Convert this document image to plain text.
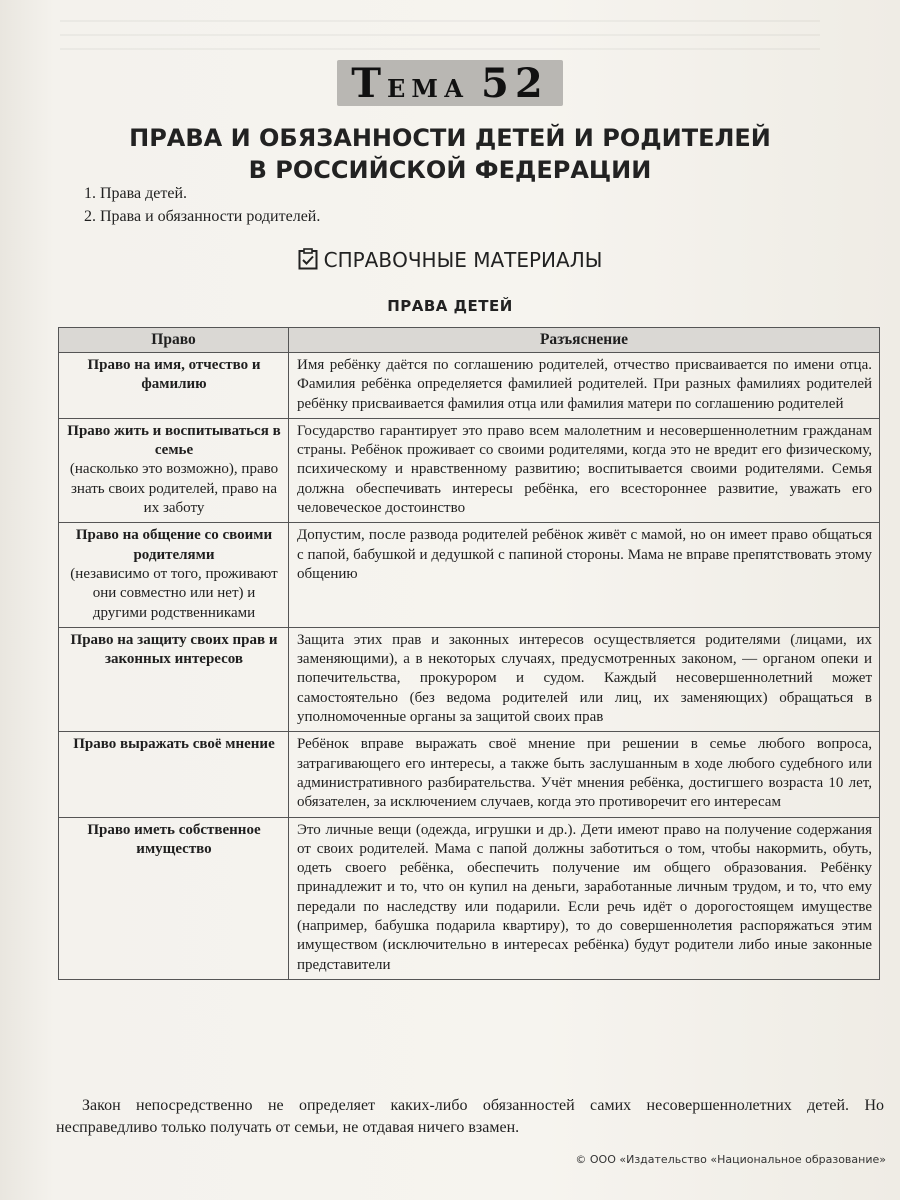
ТЕМА 52
ПРАВА И ОБЯЗАННОСТИ ДЕТЕЙ И РОДИТЕЛЕЙ
В РОССИЙСКОЙ ФЕДЕРАЦИИ
1. Права детей.
2. Права и обязанности родителей.
СПРАВОЧНЫЕ МАТЕРИАЛЫ
ПРАВА ДЕТЕЙ
Право	Разъяснение

Право на имя, отчество и фамилию	Имя ребёнку даётся по соглашению родителей, отчество присваивается по имени отца. Фамилия ребёнка определяется фамилией родителей. При разных фамилиях родителей ребёнку присваивается фамилия отца или фамилия матери по соглашению родителей

Право жить и воспитываться в семье
(насколько это возможно), право знать своих родителей, право на их заботу	Государство гарантирует это право всем малолетним и несовершеннолетним гражданам страны. Ребёнок проживает со своими родителями, когда это не вредит его физическому, психическому и нравственному развитию; воспитывается своими родителями. Семья должна обеспечивать интересы ребёнка, его всестороннее развитие, уважать его человеческое достоинство

Право на общение со своими родителями
(независимо от того, проживают они совместно или нет) и другими родственниками	Допустим, после развода родителей ребёнок живёт с мамой, но он имеет право общаться с папой, бабушкой и дедушкой с папиной стороны. Мама не вправе препятствовать этому общению

Право на защиту своих прав и законных интересов	Защита этих прав и законных интересов осуществляется родителями (лицами, их заменяющими), а в некоторых случаях, предусмотренных законом, — органом опеки и попечительства, прокурором и судом. Каждый несовершеннолетний может самостоятельно (без ведома родителей или лиц, их заменяющих) обращаться в уполномоченные органы за защитой своих прав

Право выражать своё мнение	Ребёнок вправе выражать своё мнение при решении в семье любого вопроса, затрагивающего его интересы, а также быть заслушанным в ходе любого судебного или административного разбирательства. Учёт мнения ребёнка, достигшего возраста 10 лет, обязателен, за исключением случаев, когда это противоречит его интересам

Право иметь собственное имущество	Это личные вещи (одежда, игрушки и др.). Дети имеют право на получение содержания от своих родителей. Мама с папой должны заботиться о том, чтобы накормить, обуть, одеть своего ребёнка, обеспечить получение им общего образования. Ребёнку принадлежит и то, что он купил на деньги, заработанные личным трудом, и то, что ему передали по наследству или подарили. Если речь идёт о дорогостоящем имуществе (например, бабушка подарила квартиру), то до совершеннолетия распоряжаться этим имуществом (исключительно в интересах ребёнка) будут родители либо иные законные представители
Закон непосредственно не определяет каких-либо обязанностей самих несовершеннолетних детей. Но несправедливо только получать от семьи, не отдавая ничего взамен.
© ООО «Издательство «Национальное образование»
